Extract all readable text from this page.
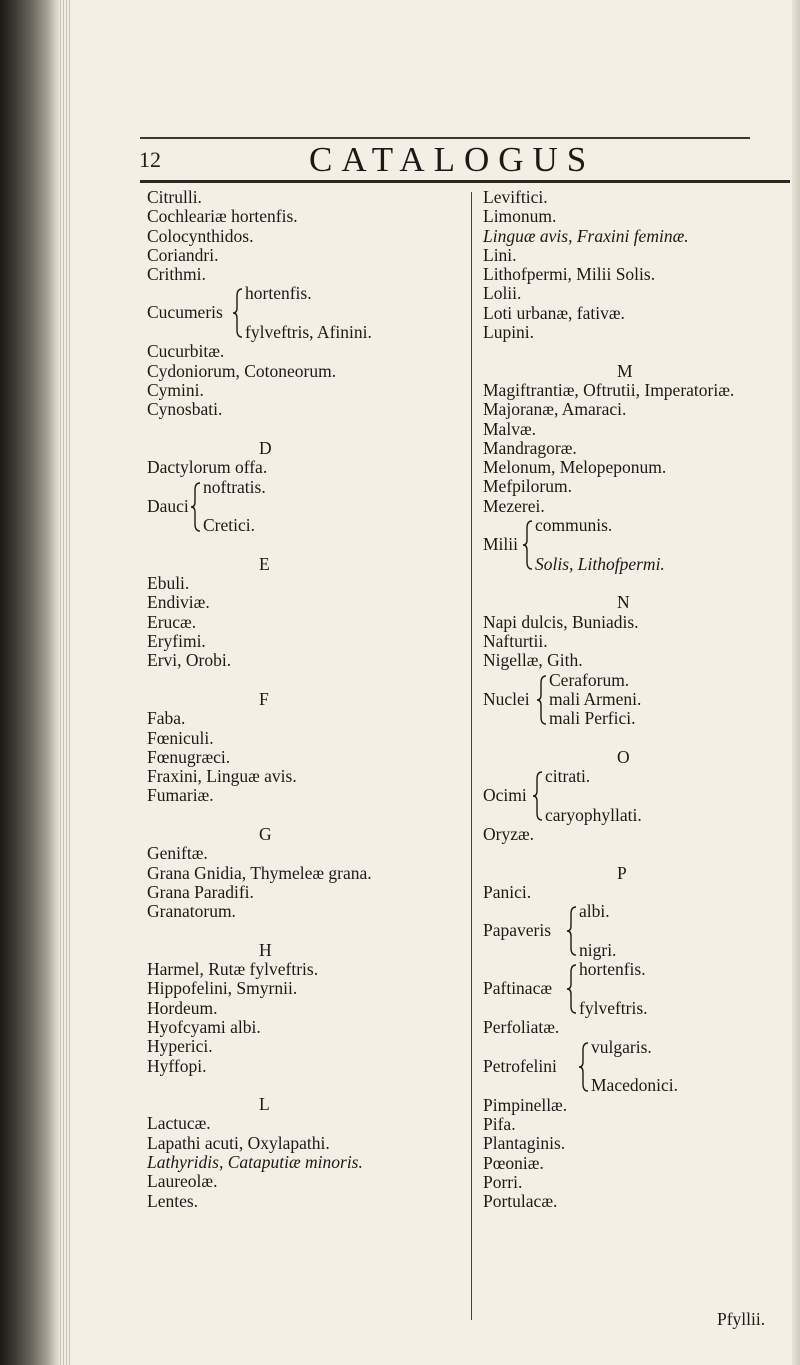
12	CATALOGUS
Citrulli.
Cochleariæ hortenfis.
Colocynthidos.
Coriandri.
Crithmi.
Cucumeris
hortenfis.
fylveftris, Afinini.
Cucurbitæ.
Cydoniorum, Cotoneorum.
Cymini.
Cynosbati.
D
Dactylorum offa.
Dauci
noftratis.
Cretici.
E
Ebuli.
Endiviæ.
Erucæ.
Eryfimi.
Ervi, Orobi.
F
Faba.
Fœniculi.
Fœnugræci.
Fraxini, Linguæ avis.
Fumariæ.
G
Geniftæ.
Grana Gnidia, Thymeleæ grana.
Grana Paradifi.
Granatorum.
H
Harmel, Rutæ fylveftris.
Hippofelini, Smyrnii.
Hordeum.
Hyofcyami albi.
Hyperici.
Hyffopi.
L
Lactucæ.
Lapathi acuti, Oxylapathi.
Lathyridis, Cataputiæ minoris.
Laureolæ.
Lentes.
Leviftici.
Limonum.
Linguæ avis, Fraxini feminæ.
Lini.
Lithofpermi, Milii Solis.
Lolii.
Loti urbanæ, fativæ.
Lupini.
M
Magiftrantiæ, Oftrutii, Imperatoriæ.
Majoranæ, Amaraci.
Malvæ.
Mandragoræ.
Melonum, Melopeponum.
Mefpilorum.
Mezerei.
Milii
communis.
Solis, Lithofpermi.
N
Napi dulcis, Buniadis.
Nafturtii.
Nigellæ, Gith.
Nuclei
Ceraforum.
mali Armeni.
mali Perfici.
O
Ocimi
citrati.
caryophyllati.
Oryzæ.
P
Panici.
Papaveris
albi.
nigri.
Paftinacæ
hortenfis.
fylveftris.
Perfoliatæ.
Petrofelini
vulgaris.
Macedonici.
Pimpinellæ.
Pifa.
Plantaginis.
Pœoniæ.
Porri.
Portulacæ.
Pfyllii.
